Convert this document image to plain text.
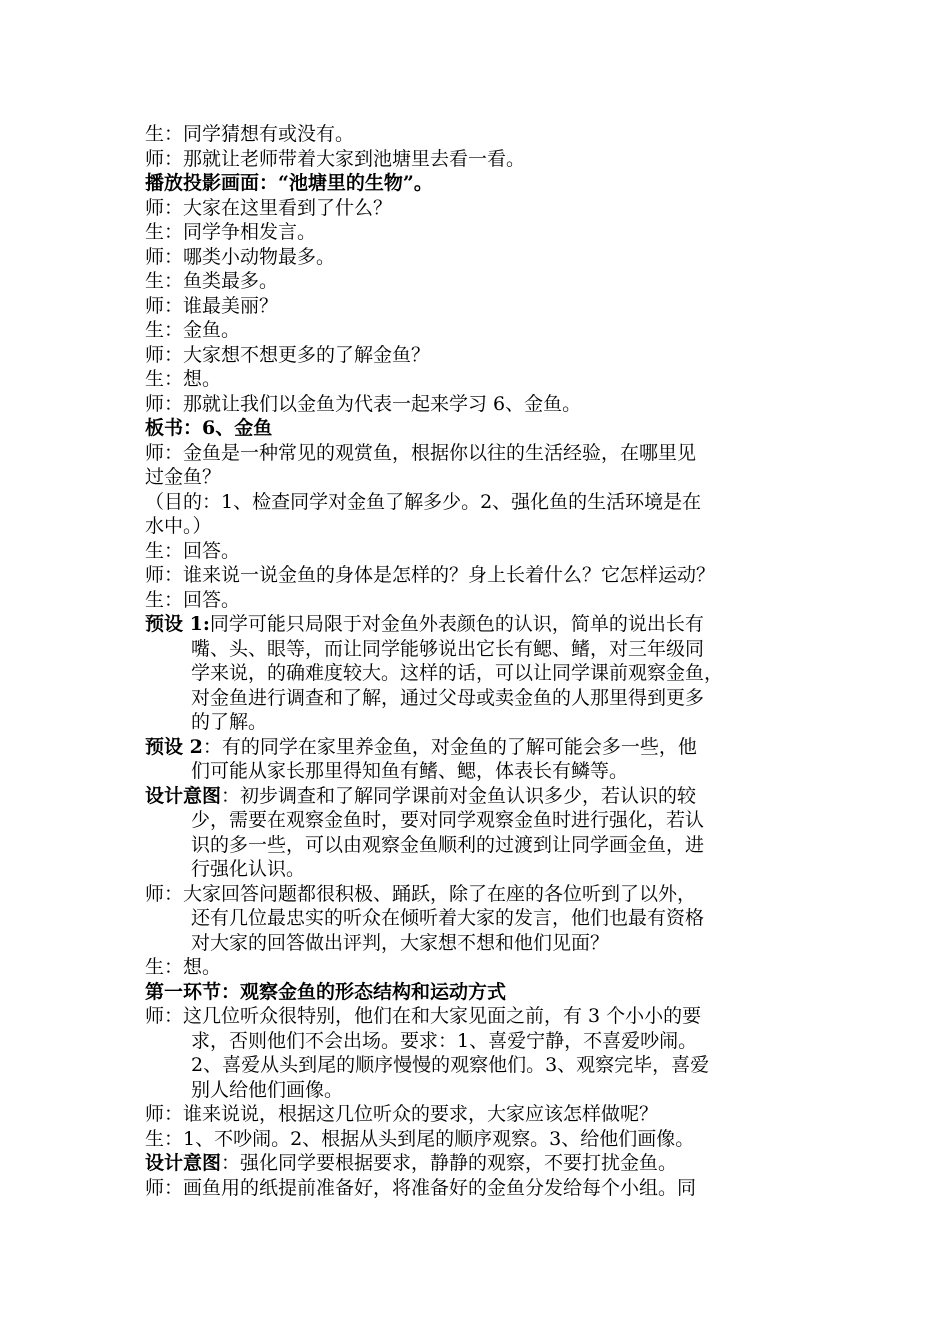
生：同学猜想有或没有。
师：那就让老师带着大家到池塘里去看一看。
播放投影画面：“池塘里的生物”。
师：大家在这里看到了什么？
生：同学争相发言。
师：哪类小动物最多。
生：鱼类最多。
师：谁最美丽？
生：金鱼。
师：大家想不想更多的了解金鱼？
生：想。
师：那就让我们以金鱼为代表一起来学习 6、金鱼。
板书：6、金鱼
师：金鱼是一种常见的观赏鱼，根据你以往的生活经验，在哪里见
过金鱼？
（目的：1、检查同学对金鱼了解多少。2、强化鱼的生活环境是在
水中。）
生：回答。
师：谁来说一说金鱼的身体是怎样的？身上长着什么？它怎样运动？
生：回答。
预设 1:同学可能只局限于对金鱼外表颜色的认识，简单的说出长有
嘴、头、眼等，而让同学能够说出它长有鳃、鳍，对三年级同
学来说，的确难度较大。这样的话，可以让同学课前观察金鱼，
对金鱼进行调查和了解，通过父母或卖金鱼的人那里得到更多
的了解。
预设 2：有的同学在家里养金鱼，对金鱼的了解可能会多一些，他
们可能从家长那里得知鱼有鳍、鳃，体表长有鳞等。
设计意图：初步调查和了解同学课前对金鱼认识多少，若认识的较
少，需要在观察金鱼时，要对同学观察金鱼时进行强化，若认
识的多一些，可以由观察金鱼顺利的过渡到让同学画金鱼，进
行强化认识。
师：大家回答问题都很积极、踊跃，除了在座的各位听到了以外，
还有几位最忠实的听众在倾听着大家的发言，他们也最有资格
对大家的回答做出评判，大家想不想和他们见面？
生：想。
第一环节：观察金鱼的形态结构和运动方式
师：这几位听众很特别，他们在和大家见面之前，有 3 个小小的要
求，否则他们不会出场。要求：1、喜爱宁静，不喜爱吵闹。
2、喜爱从头到尾的顺序慢慢的观察他们。3、观察完毕，喜爱
别人给他们画像。
师：谁来说说，根据这几位听众的要求，大家应该怎样做呢？
生：1、不吵闹。2、根据从头到尾的顺序观察。3、给他们画像。
设计意图：强化同学要根据要求，静静的观察，不要打扰金鱼。
师：画鱼用的纸提前准备好，将准备好的金鱼分发给每个小组。同
